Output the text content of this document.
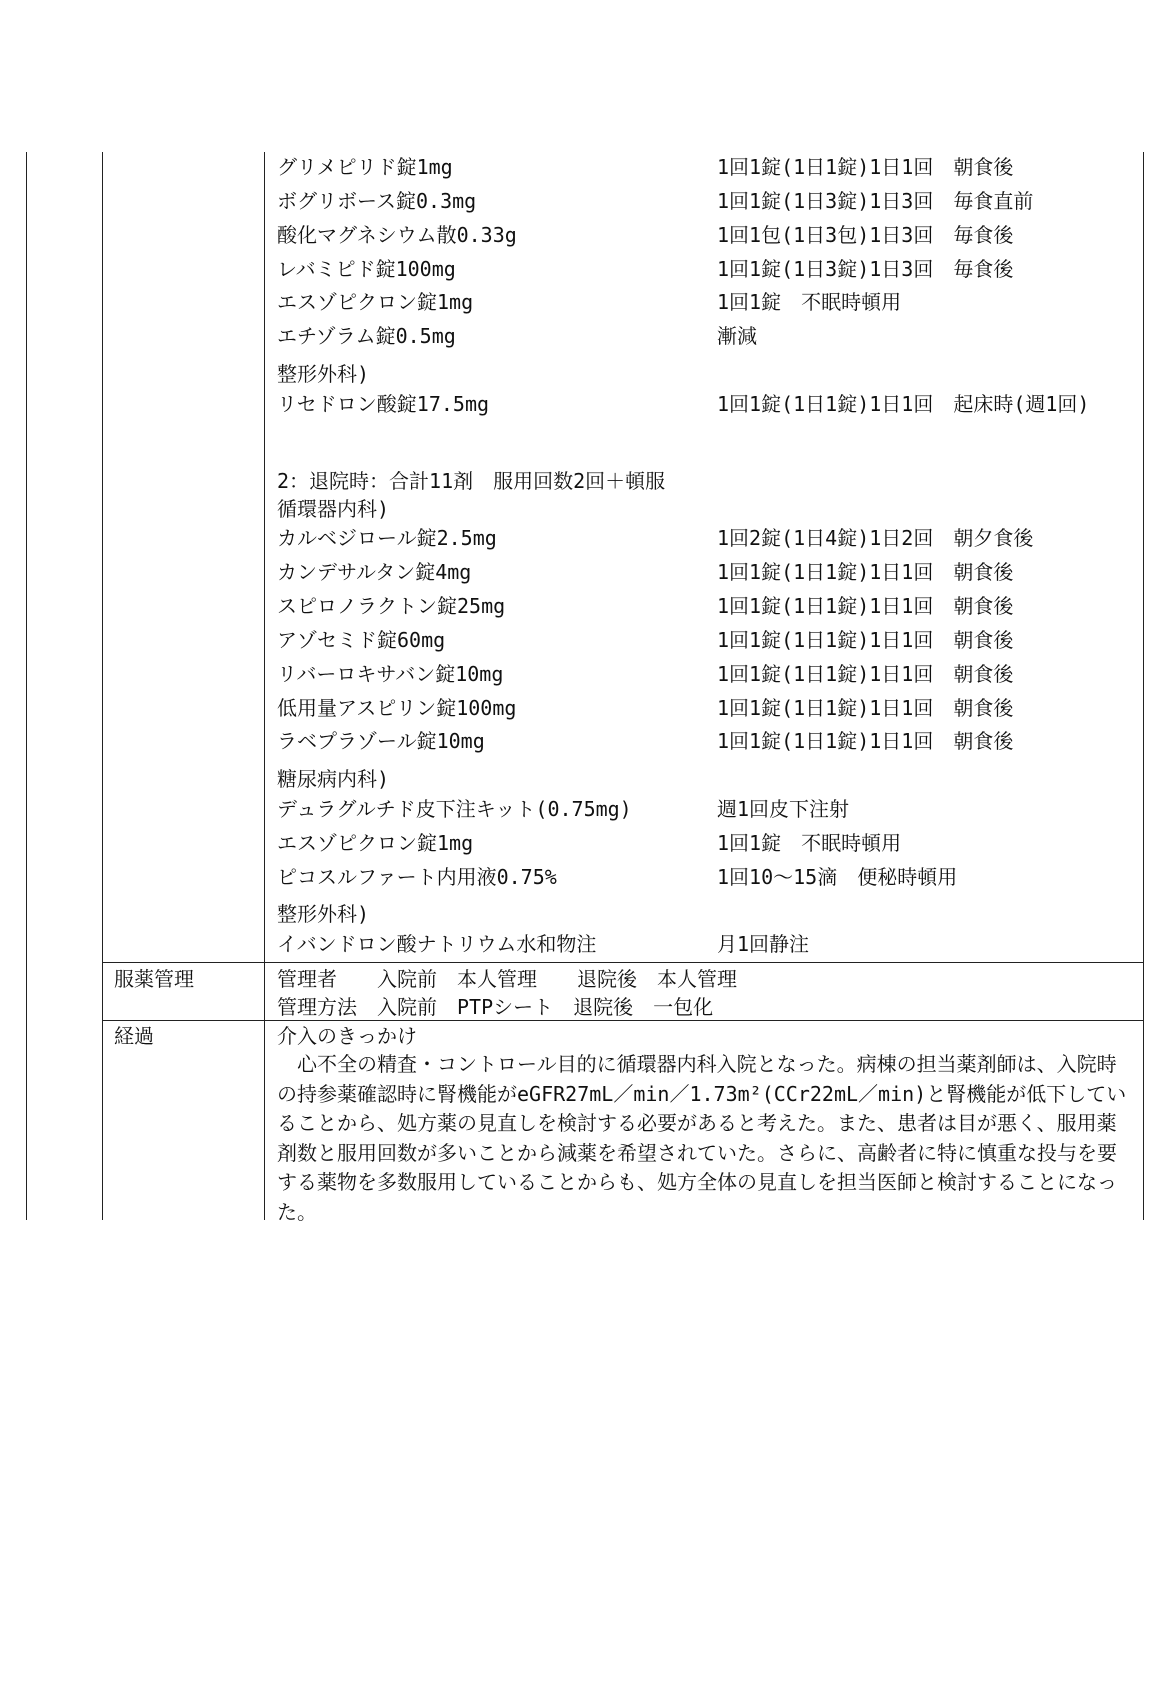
グリメピリド錠1mg	1回1錠(1日1錠)1日1回　朝食後
ボグリボース錠0.3mg	1回1錠(1日3錠)1日3回　毎食直前
酸化マグネシウム散0.33g	1回1包(1日3包)1日3回　毎食後
レバミピド錠100mg	1回1錠(1日3錠)1日3回　毎食後
エスゾピクロン錠1mg	1回1錠　不眠時頓用
エチゾラム錠0.5mg	漸減
整形外科)
リセドロン酸錠17.5mg	1回1錠(1日1錠)1日1回　起床時(週1回)
2：退院時：合計11剤　服用回数2回＋頓服
循環器内科)
カルベジロール錠2.5mg	1回2錠(1日4錠)1日2回　朝夕食後
カンデサルタン錠4mg	1回1錠(1日1錠)1日1回　朝食後
スピロノラクトン錠25mg	1回1錠(1日1錠)1日1回　朝食後
アゾセミド錠60mg	1回1錠(1日1錠)1日1回　朝食後
リバーロキサバン錠10mg	1回1錠(1日1錠)1日1回　朝食後
低用量アスピリン錠100mg	1回1錠(1日1錠)1日1回　朝食後
ラベプラゾール錠10mg	1回1錠(1日1錠)1日1回　朝食後
糖尿病内科)
デュラグルチド皮下注キット(0.75mg)	週1回皮下注射
エスゾピクロン錠1mg	1回1錠　不眠時頓用
ピコスルファート内用液0.75%	1回10〜15滴　便秘時頓用
整形外科)
イバンドロン酸ナトリウム水和物注	月1回静注
服薬管理	管理者　　入院前　本人管理　　退院後　本人管理
管理方法　入院前　PTPシート　退院後　一包化
経過	介入のきっかけ
　心不全の精査・コントロール目的に循環器内科入院となった。病棟の担当薬剤師は、入院時の持参薬確認時に腎機能がeGFR27mL／min／1.73m²(CCr22mL／min)と腎機能が低下していることから、処方薬の見直しを検討する必要があると考えた。また、患者は目が悪く、服用薬剤数と服用回数が多いことから減薬を希望されていた。さらに、高齢者に特に慎重な投与を要する薬物を多数服用していることからも、処方全体の見直しを担当医師と検討することになった。
